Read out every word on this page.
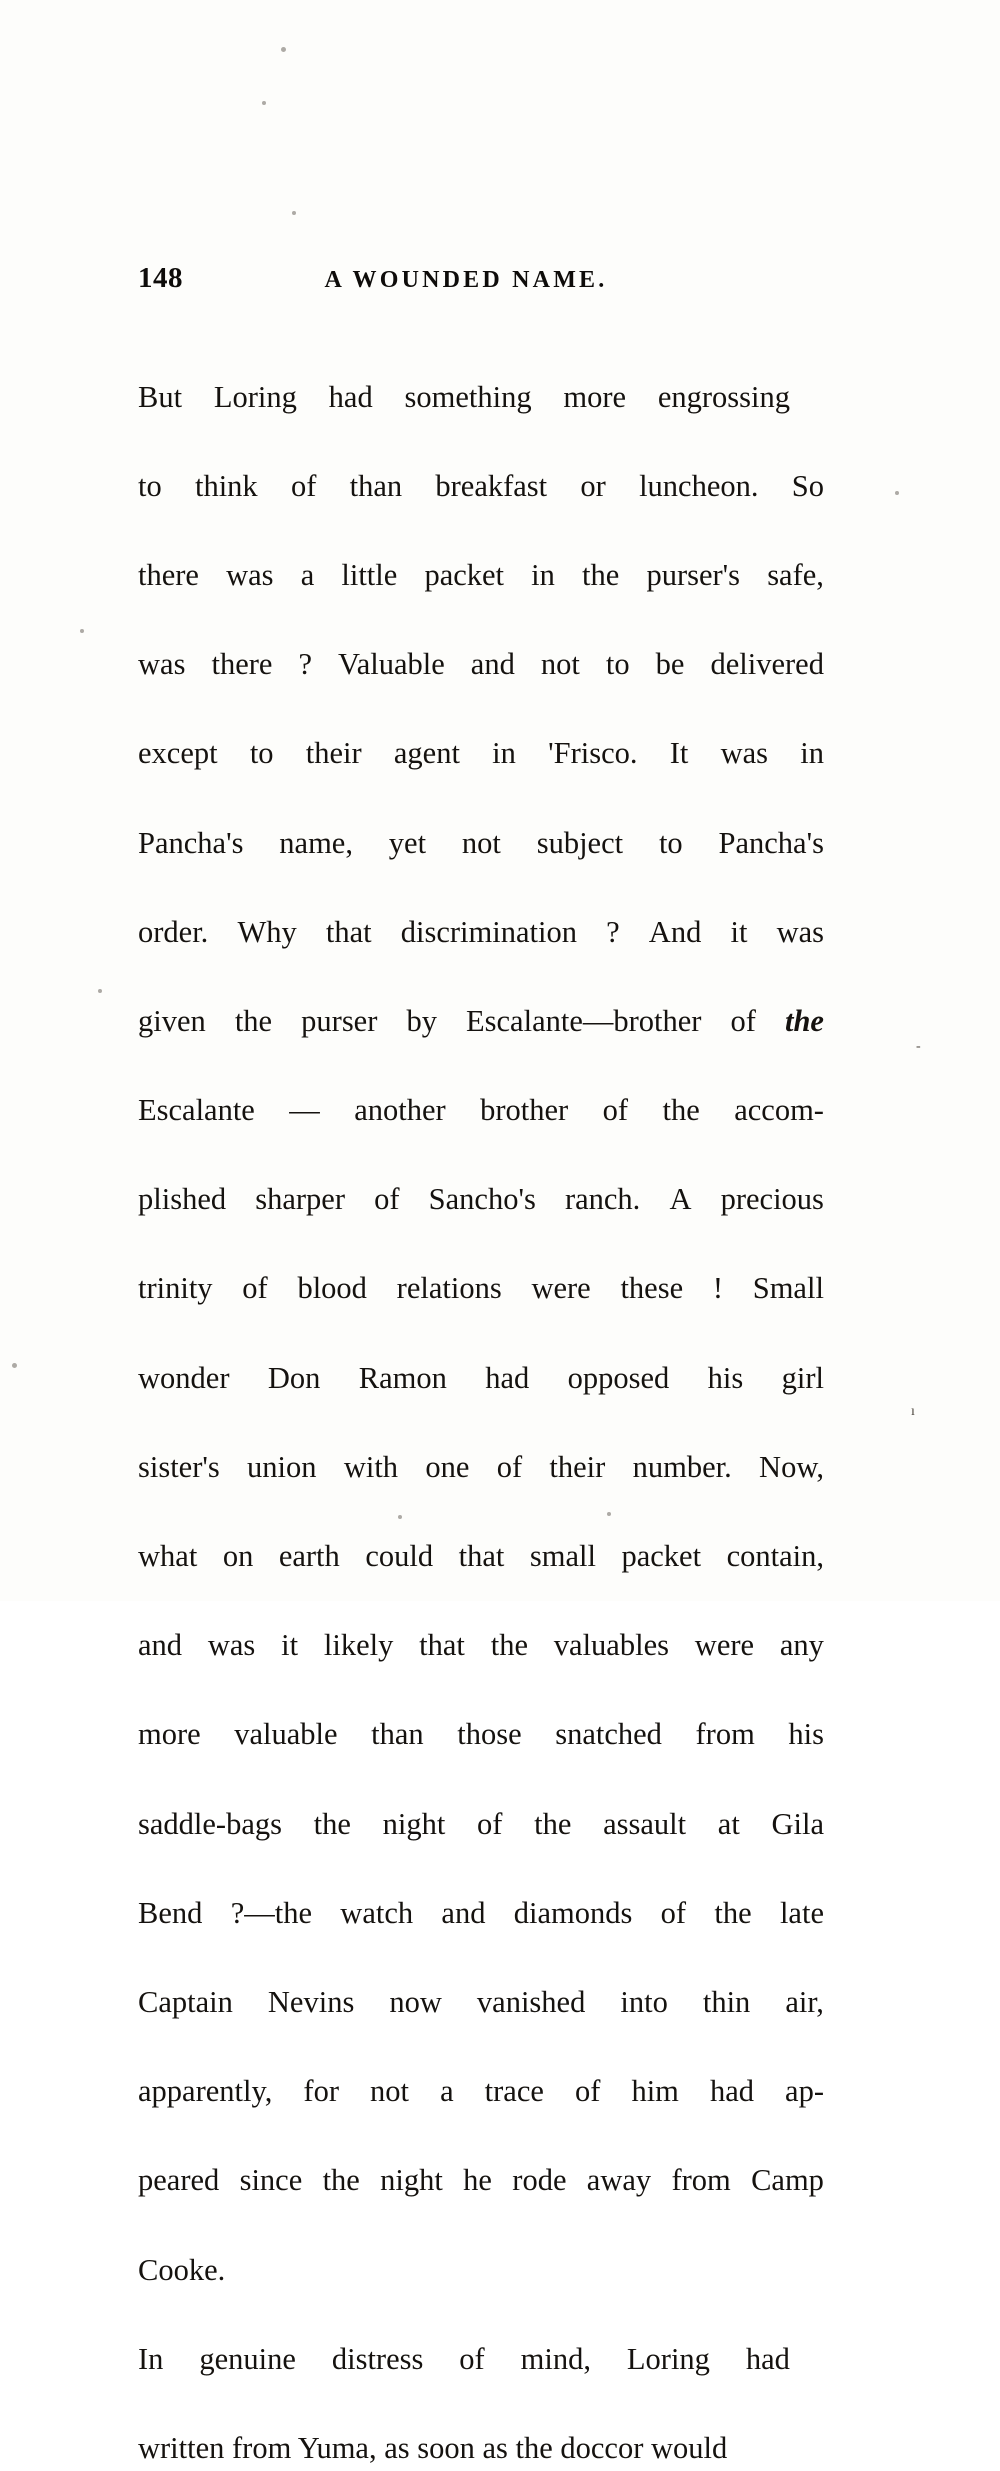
-
ı
148	A WOUNDED NAME.

But Loring had something more engrossing

to think of than breakfast or luncheon. So

there was a little packet in the purser's safe,

was there ? Valuable and not to be delivered

except to their agent in 'Frisco. It was in

Pancha's name, yet not subject to Pancha's

order. Why that discrimination ? And it was

given the purser by Escalante—brother of the

Escalante — another brother of the accom-

plished sharper of Sancho's ranch. A precious

trinity of blood relations were these ! Small

wonder Don Ramon had opposed his girl

sister's union with one of their number. Now,

what on earth could that small packet contain,

and was it likely that the valuables were any

more valuable than those snatched from his

saddle-bags the night of the assault at Gila

Bend ?—the watch and diamonds of the late

Captain Nevins now vanished into thin air,

apparently, for not a trace of him had ap-

peared since the night he rode away from Camp

Cooke.

In genuine distress of mind, Loring had

written from Yuma, as soon as the doccor would
